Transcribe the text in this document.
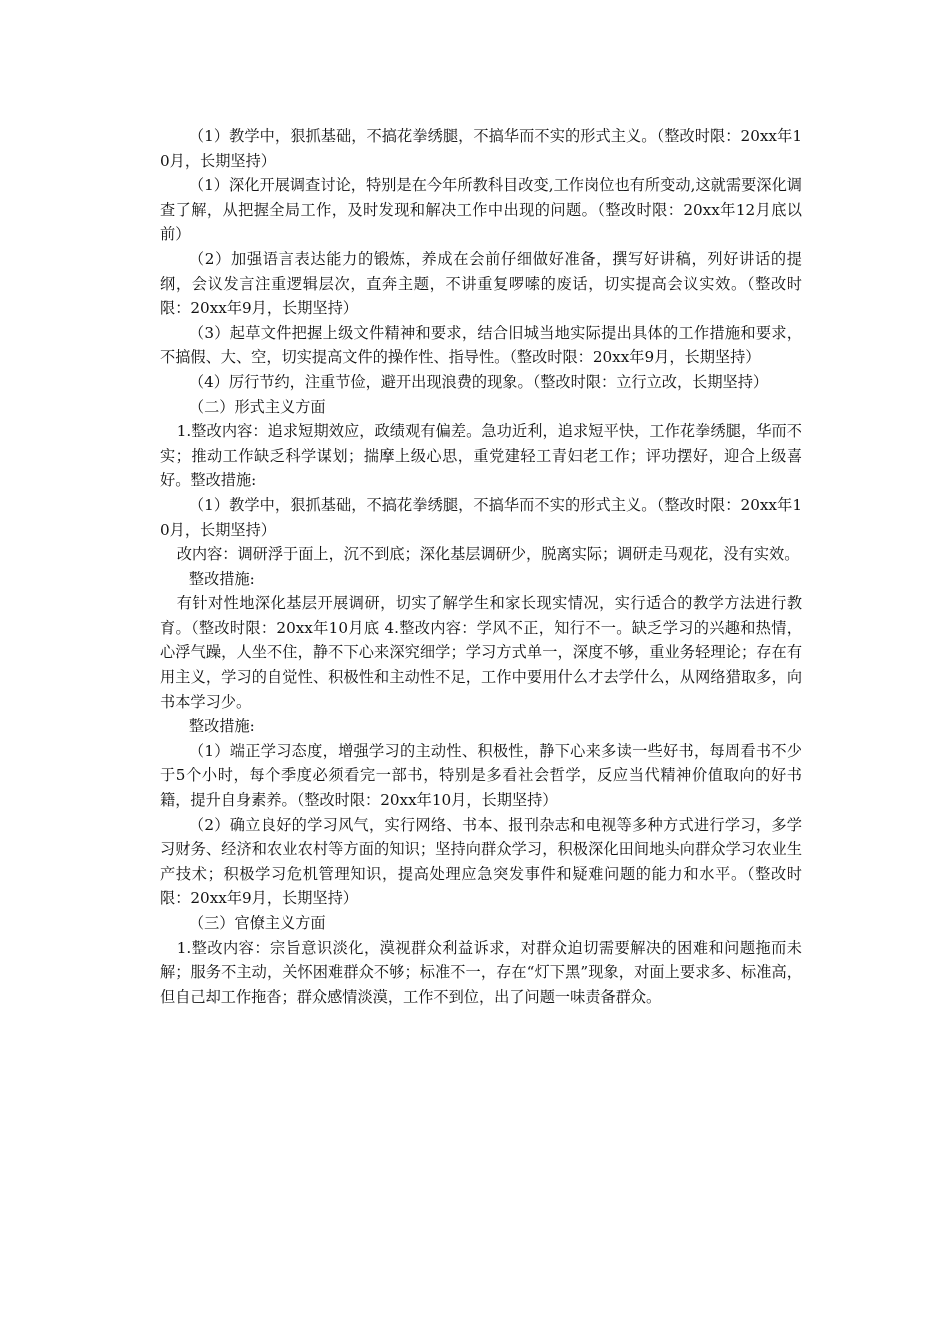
（1）教学中，狠抓基础，不搞花拳绣腿，不搞华而不实的形式主义。（整改时限：20xx年10月，长期坚持）

（1）深化开展调查讨论，特别是在今年所教科目改变,工作岗位也有所变动,这就需要深化调查了解，从把握全局工作，及时发现和解决工作中出现的问题。（整改时限：20xx年12月底以前）

（2）加强语言表达能力的锻炼，养成在会前仔细做好准备，撰写好讲稿，列好讲话的提纲，会议发言注重逻辑层次，直奔主题，不讲重复啰嗦的废话，切实提高会议实效。（整改时限：20xx年9月，长期坚持）

（3）起草文件把握上级文件精神和要求，结合旧城当地实际提出具体的工作措施和要求，不搞假、大、空，切实提高文件的操作性、指导性。（整改时限：20xx年9月，长期坚持）

（4）厉行节约，注重节俭，避开出现浪费的现象。（整改时限：立行立改，长期坚持）

（二）形式主义方面

1.整改内容：追求短期效应，政绩观有偏差。急功近利，追求短平快，工作花拳绣腿，华而不实；推动工作缺乏科学谋划；揣摩上级心思，重党建轻工青妇老工作；评功摆好，迎合上级喜好。整改措施:

（1）教学中，狠抓基础，不搞花拳绣腿，不搞华而不实的形式主义。（整改时限：20xx年10月，长期坚持）

改内容：调研浮于面上，沉不到底；深化基层调研少，脱离实际；调研走马观花，没有实效。

整改措施:

有针对性地深化基层开展调研，切实了解学生和家长现实情况，实行适合的教学方法进行教育。（整改时限：20xx年10月底 4.整改内容：学风不正，知行不一。缺乏学习的兴趣和热情，心浮气躁，人坐不住，静不下心来深究细学；学习方式单一，深度不够，重业务轻理论；存在有用主义，学习的自觉性、积极性和主动性不足，工作中要用什么才去学什么，从网络猎取多，向书本学习少。

整改措施:

（1）端正学习态度，增强学习的主动性、积极性，静下心来多读一些好书，每周看书不少于5个小时，每个季度必须看完一部书，特别是多看社会哲学，反应当代精神价值取向的好书籍，提升自身素养。（整改时限：20xx年10月，长期坚持）

（2）确立良好的学习风气，实行网络、书本、报刊杂志和电视等多种方式进行学习，多学习财务、经济和农业农村等方面的知识；坚持向群众学习，积极深化田间地头向群众学习农业生产技术；积极学习危机管理知识，提高处理应急突发事件和疑难问题的能力和水平。（整改时限：20xx年9月，长期坚持）

（三）官僚主义方面

1.整改内容：宗旨意识淡化，漠视群众利益诉求，对群众迫切需要解决的困难和问题拖而未解；服务不主动，关怀困难群众不够；标准不一，存在“灯下黑”现象，对面上要求多、标准高，但自己却工作拖沓；群众感情淡漠，工作不到位，出了问题一味责备群众。
